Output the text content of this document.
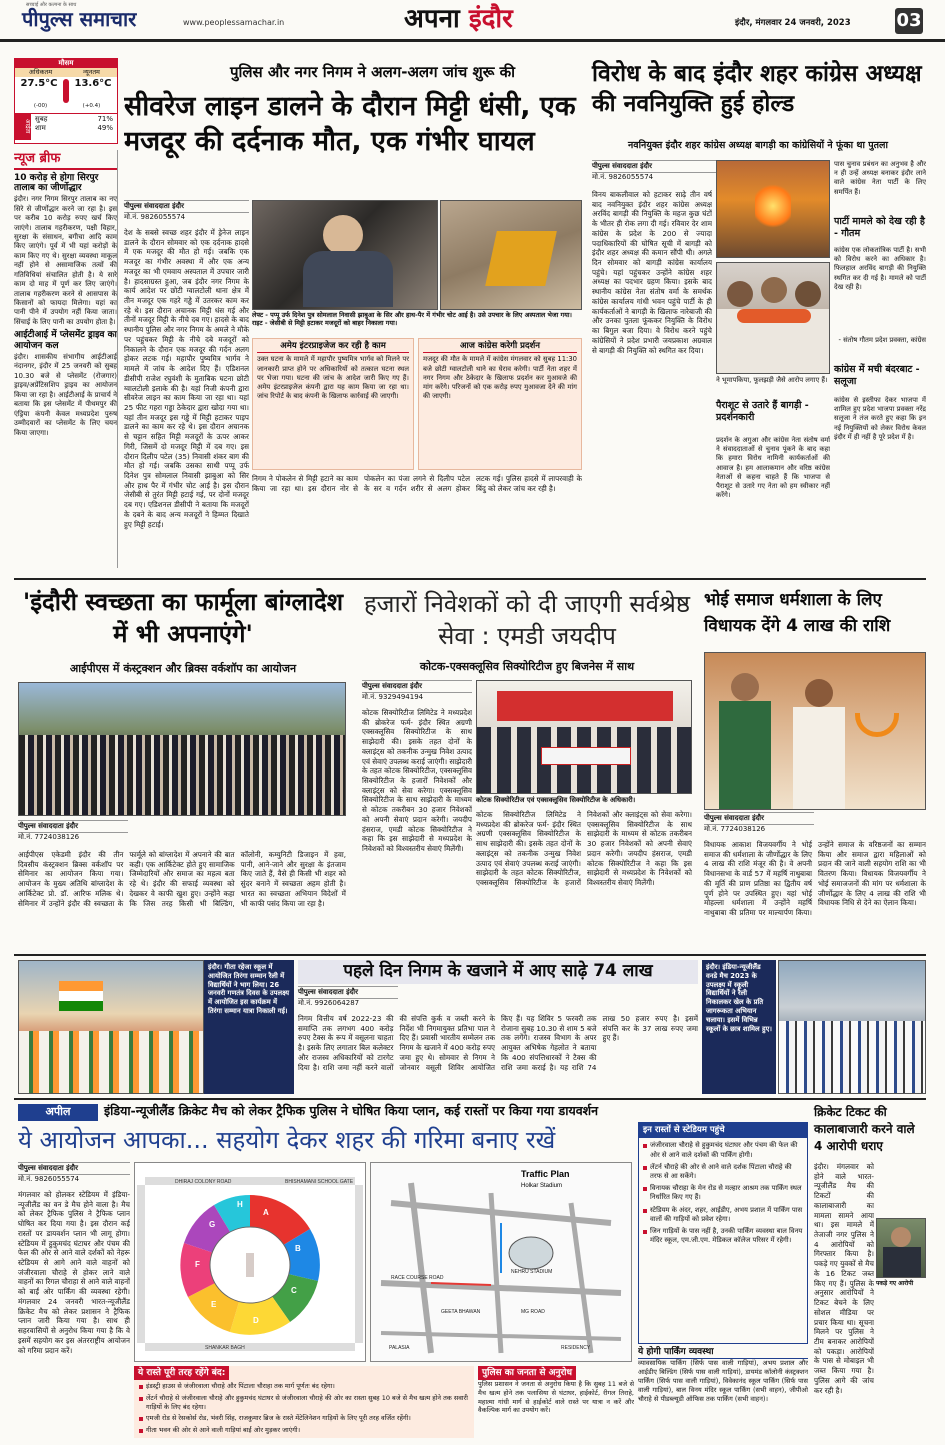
सच्चाई और कल्पना के साथ
पीपुल्स समाचार	www.peoplessamachar.in	अपना इंदौर	इंदौर, मंगलवार 24 जनवरी, 2023	03
मौसम
अधिकतम	न्यूनतम
27.5°C	13.6°C
(-00)	(+0.4)
आर्द्रता
सुबह	71%
शाम	49%
न्यूज ब्रीफ
10 करोड़ से होगा सिरपुर तालाब का जीर्णोद्धार
इंदौर। नगर निगम सिरपुर तालाब का नए सिरे से जीर्णोद्धार करने जा रहा है। इस पर करीब 10 करोड़ रुपए खर्च किए जाएंगे। तालाब गहरीकरण, पक्षी विहार, सुरक्षा के संसाधन, बगीचा आदि काम किए जाएंगे। पूर्व में भी यहां करोड़ों के काम किए गए थे। सुरक्षा व्यवस्था माकूल नहीं होने से असामाजिक तत्वों की गतिविधियां संचालित होती है। ये सारे काम दो माह में पूर्ण कर लिए जाएंगे। तालाब गहरीकरण करने से आसपास के किसानों को फायदा मिलेगा। यहां का पानी पीने में उपयोग नहीं किया जाता। सिंचाई के लिए पानी का उपयोग होता है।
आईटीआई में प्लेसमेंट ड्राइव का आयोजन कल
इंदौर। शासकीय संभागीय आईटीआई नंदानगर, इंदौर में 25 जनवरी को सुबह 10.30 बजे से प्लेसमेंट (रोजगार) ड्राइव/अप्रेंटिसशिप ड्राइव का आयोजन किया जा रहा है। आईटीआई के प्राचार्य ने बताया कि इस प्लेसमेंट में पीथमपुर की एंड्रिया कंपनी केवल मध्यप्रदेश पुरुष उम्मीदवारों का प्लेसमेंट के लिए चयन किया जाएगा।
पुलिस और नगर निगम ने अलग-अलग जांच शुरू की
सीवरेज लाइन डालने के दौरान मिट्टी धंसी, एक मजदूर की दर्दनाक मौत, एक गंभीर घायल
पीपुल्स संवाददाता इंदौर
मो.नं. 9826055574
देश के सबसे स्वच्छ शहर इंदौर में ड्रेनेज लाइन डालने के दौरान सोमवार को एक दर्दनाक हादसे में एक मजदूर की मौत हो गई। जबकि एक मजदूर का गंभीर अवस्था में और एक अन्य मजदूर का भी एमवाय अस्पताल में उपचार जारी है। हादसाग्रस्त हुआ, जब इंदौर नगर निगम के कार्य आदेश पर छोटी ग्वालटोली थाना क्षेत्र में तीन मजदूर एक गहरे गड्ढे में उतरकर काम कर रहे थे। इस दौरान अचानक मिट्टी धंस गई और तीनों मजदूर मिट्टी के नीचे दब गए। हादसे के बाद स्थानीय पुलिस और नगर निगम के अमले ने मौके पर पहुंचकर मिट्टी के नीचे दबे मजदूरों को निकालने के दौरान एक मजदूर की गर्दन अलग होकर लटक गई। महापौर पुष्यमित्र भार्गव ने मामले में जांच के आदेश दिए हैं। एडिशनल डीसीपी राजेश रघुवंशी के मुताबिक घटना छोटी ग्वालटोली इलाके की है। यहां निजी कंपनी द्वारा सीवरेज लाइन का काम किया जा रहा था। यहां 25 फीट गहरा गड्ढा ठेकेदार द्वारा खोदा गया था। यहां तीन मजदूर इस गड्ढे में मिट्टी हटाकर पाइप डालने का काम कर रहे थे। इस दौरान अचानक से चट्टान सहित मिट्टी मजदूरों के ऊपर आकर गिरी, जिसमें दो मजदूर मिट्टी में दब गए। इस दौरान दिलीप पटेल (35) निवासी शंकर बाग की मौत हो गई। जबकि उसका साथी पप्पू उर्फ दिनेश पुत्र सोमलाल निवासी झाबुआ को सिर और हाथ पैर में गंभीर चोट आई है। इस दौरान जेसीबी से तुरंत मिट्टी हटाई गई, पर दोनों मजदूर दब गए। एडिशनल डीसीपी ने बताया कि मजदूरों के दबने के बाद अन्य मजदूरों ने हिम्मत दिखाते हुए मिट्टी हटाई।
लेफ्ट - पप्पू उर्फ दिनेश पुत्र सोमलाल निवासी झाबुआ के सिर और हाथ-पैर में गंभीर चोट आई है। उसे उपचार के लिए अस्पताल भेजा गया। राइट - जेसीबी से मिट्टी हटाकर मजदूरों को बाहर निकाला गया।
अमेय इंटरप्राइजेज कर रही है काम
उक्त घटना के मामले में महापौर पुष्यमित्र भार्गव को मिलने पर जानकारी प्राप्त होने पर अधिकारियों को तत्काल घटना स्थल पर भेजा गया। घटना की जांच के आदेश जारी किए गए हैं। अमेय इंटरप्राइजेज कंपनी द्वारा यह काम किया जा रहा था। जांच रिपोर्ट के बाद कंपनी के खिलाफ कार्रवाई की जाएगी।
आज कांग्रेस करेगी प्रदर्शन
मजदूर की मौत के मामले में कांग्रेस मंगलवार को सुबह 11:30 बजे छोटी ग्वालटोली थाने का घेराव करेगी। पार्टी नेता शहर में नगर निगम और ठेकेदार के खिलाफ प्रदर्शन कर मुआवजे की मांग करेंगे। परिजनों को एक करोड़ रुपए मुआवजा देने की मांग की जाएगी।
निगम ने पोकलेन से मिट्टी हटाने का काम किया जा रहा था। इस दौरान नोर से पोकलेन का पंजा लगने से दिलीप पटेल के सर व गर्दन शरीर से अलग होकर लटक गई। पुलिस हादसे में लापरवाही के बिंदु को लेकर जांच कर रही है।
विरोध के बाद इंदौर शहर कांग्रेस अध्यक्ष की नवनियुक्ति हुई होल्ड
नवनियुक्त इंदौर शहर कांग्रेस अध्यक्ष बागड़ी का कांग्रेसियों ने फूंका था पुतला
पीपुल्स संवाददाता इंदौर
मो.नं. 9826055574
विनय बाकलीवाल को हटाकर साढ़े तीन वर्ष बाद नवनियुक्त इंदौर शहर कांग्रेस अध्यक्ष अरविंद बागड़ी की नियुक्ति के महज कुछ घंटों के भीतर ही रोक लगा दी गई। रविवार देर शाम कांग्रेस के प्रदेश के 200 से ज्यादा पदाधिकारियों की घोषित सूची में बागड़ी को इंदौर शहर अध्यक्ष की कमान सौंपी थी। अगले दिन सोमवार को बागड़ी कांग्रेस कार्यालय पहुंचे। यहां पहुंचकर उन्होंने कांग्रेस शहर अध्यक्ष का पदभार ग्रहण किया। इसके बाद स्थानीय कांग्रेस नेता संतोष वर्मा के समर्थक कांग्रेस कार्यालय गांधी भवन पहुंचे पार्टी के ही कार्यकर्ताओं ने बागड़ी के खिलाफ नारेबाजी की और उनका पुतला फूंककर नियुक्ति के विरोध का बिगुल बजा दिया। वे विरोध करने पहुंचे कांग्रेसियों ने प्रदेश प्रभारी जयप्रकाश अग्रवाल से बागड़ी की नियुक्ति को स्थगित कर दिया।
पास चुनाव प्रबंधन का अनुभव है और न ही उन्हें अध्यक्ष बनाकर इंदौर लाने वाले कांग्रेस नेता पार्टी के लिए समर्पित हैं।
ने भूमापकिया, फूलझड़ी जैसे आरोप लगाए हैं।
पैराशूट से उतारे हैं बागड़ी - प्रदर्शनकारी
प्रदर्शन के अगुआ और कांग्रेस नेता संतोष वर्मा ने संवाददाताओं से चुनाव पूंकने के बाद कहा कि हमारा विरोध नामिनी कार्यकर्ताओं की आवाज है। हम आलाकमान और वरिष्ठ कांग्रेस नेताओं से कहना चाहते हैं कि भाजपा से पैराशूट से उतारे गए नेता को हम स्वीकार नहीं करेंगे।
पार्टी मामले को देख रही है - गौतम
कांग्रेस एक लोकतांत्रिक पार्टी है। सभी को विरोध करने का अधिकार है। फिलहाल अरविंद बागड़ी की नियुक्ति स्थगित कर दी गई है। मामले को पार्टी देख रही है।
- संतोष गौतम प्रदेश प्रवक्ता, कांग्रेस
कांग्रेस में मची बंदरबाट - सलूजा
कांग्रेस से इस्तीफा देकर भाजपा में शामिल हुए प्रदेश भाजपा प्रवक्ता नरेंद्र सलूजा ने तंज करते हुए कहा कि इन नई नियुक्तियों को लेकर विरोध केवल इंदौर में ही नहीं है पूरे प्रदेश में है।
'इंदौरी स्वच्छता का फार्मूला बांग्लादेश में भी अपनाएंगे'
आईपीएस में कंस्ट्रक्शन और ब्रिक्स वर्कशॉप का आयोजन
पीपुल्स संवाददाता इंदौर
मो.नं. 7724038126
आईपीएस एकेडमी इंदौर की तीन दिवसीय कंस्ट्रक्शन ब्रिक्स वर्कशॉप पर सेमिनार का आयोजन किया गया। आयोजन के मुख्य अतिथि बांग्लादेश के आर्किटेक्ट प्रो. डॉ. आरिफ मलिक थे। सेमिनार में उन्होंने इंदौर की स्वच्छता के फार्मूले को बांग्लादेश में अपनाने की बात कही। एक आर्किटेक्ट होते हुए सामाजिक जिम्मेदारियों और समाज का महत्व बता रहे थे। इंदौर की सफाई व्यवस्था को देखकर वे काफी खुश हुए। उन्होंने कहा कि जिस तरह किसी भी बिल्डिंग, कॉलोनी, कम्युनिटी डिजाइन में हवा, पानी, आने-जाने और सुरक्षा के इंतजाम किए जाते हैं, वैसे ही किसी भी शहर को सुंदर बनाने में स्वच्छता अहम होती है। भारत का स्वच्छता अभियान विदेशों में भी काफी पसंद किया जा रहा है।
हजारों निवेशकों को दी जाएगी सर्वश्रेष्ठ सेवा : एमडी जयदीप
कोटक-एक्सक्लूसिव सिक्योरिटीज हुए बिजनेस में साथ
पीपुल्स संवाददाता इंदौर
मो.नं. 9329494194
कोटक सिक्योरिटीज लिमिटेड ने मध्यप्रदेश की ब्रोकरेज फर्म- इंदौर स्थित अग्रणी एक्सक्लूसिव सिक्योरिटीज के साथ साझेदारी की। इसके तहत दोनों के क्लाइंट्स को तकनीक उन्मुख निवेश उत्पाद एवं सेवाएं उपलब्ध कराई जाएंगी। साझेदारी के तहत कोटक सिक्योरिटीज, एक्सक्लूसिव सिक्योरिटीज के हजारों निवेशकों और क्लाइंट्स को सेवा करेगा। एक्सक्लूसिव सिक्योरिटीज के साथ साझेदारी के माध्यम से कोटक तकरीबन 30 हजार निवेशकों को अपनी सेवाएं प्रदान करेगी। जयदीप हंसराज, एमडी कोटक सिक्योरिटीज ने कहा कि इस साझेदारी से मध्यप्रदेश के निवेशकों को विश्वस्तरीय सेवाएं मिलेंगी।
कोटक सिक्योरिटीज एवं एक्सक्लूसिव सिक्योरिटीज के अधिकारी।
कोटक सिक्योरिटीज लिमिटेड ने मध्यप्रदेश की ब्रोकरेज फर्म- इंदौर स्थित अग्रणी एक्सक्लूसिव सिक्योरिटीज के साथ साझेदारी की। इसके तहत दोनों के क्लाइंट्स को तकनीक उन्मुख निवेश उत्पाद एवं सेवाएं उपलब्ध कराई जाएंगी। साझेदारी के तहत कोटक सिक्योरिटीज, एक्सक्लूसिव सिक्योरिटीज के हजारों निवेशकों और क्लाइंट्स को सेवा करेगा। एक्सक्लूसिव सिक्योरिटीज के साथ साझेदारी के माध्यम से कोटक तकरीबन 30 हजार निवेशकों को अपनी सेवाएं प्रदान करेगी। जयदीप हंसराज, एमडी कोटक सिक्योरिटीज ने कहा कि इस साझेदारी से मध्यप्रदेश के निवेशकों को विश्वस्तरीय सेवाएं मिलेंगी।
भोई समाज धर्मशाला के लिए विधायक देंगे 4 लाख की राशि
पीपुल्स संवाददाता इंदौर
मो.नं. 7724038126
विधायक आकाश विजयवर्गीय ने भोई समाज की धर्मशाला के जीर्णोद्धार के लिए 4 लाख की राशि मंजूर की है। वे अपनी विधानसभा के वार्ड 57 में महर्षि नाथुबाबा की मूर्ति की प्राण प्रतिष्ठा का द्वितीय वर्ष पूर्ण होने पर उपस्थित हुए। यहां भोई मोहल्ला धर्मशाला में उन्होंने महर्षि नाथुबाबा की प्रतिमा पर माल्यार्पण किया। उन्होंने समाज के वरिष्ठजनों का सम्मान किया और समाज द्वारा महिलाओं को प्रदान की जाने वाली सहयोग राशि का भी वितरण किया। विधायक विजयवर्गीय ने भोई समाजजनों की मांग पर धर्मशाला के जीर्णोद्धार के लिए 4 लाख की राशि भी विधायक निधि से देने का ऐलान किया।
इंदौर। गीता रहेजा स्कूल में आयोजित तिरंगा सम्मान रैली में विद्यार्थियों ने भाग लिया। 26 जनवरी गणतंत्र दिवस के उपलक्ष्य में आयोजित इस कार्यक्रम में तिरंगा सम्मान यात्रा निकाली गई।
पहले दिन निगम के खजाने में आए साढ़े 74 लाख
पीपुल्स संवाददाता इंदौर
मो.नं. 9926064287
निगम वित्तीय वर्ष 2022-23 की समाप्ति तक लगभग 400 करोड़ रुपए टैक्स के रूप में वसूलना चाहता है। इसके लिए लगातार बिल कलेक्टर और राजस्व अधिकारियों को टारगेट दिया है। राशि जमा नहीं करने वालों की संपत्ति कुर्क व जब्ती करने के निर्देश भी निगमायुक्त प्रतिभा पाल ने दिए हैं। प्रवासी भारतीय सम्मेलन तक निगम के खजाने में 400 करोड़ रुपए जमा हुए थे। सोमवार से निगम ने जोनवार वसूली शिविर आयोजित किए हैं। यह शिविर 5 फरवरी तक रोजाना सुबह 10.30 से शाम 5 बजे तक लगेंगे। राजस्व विभाग के अपर आयुक्त अभिषेक गेहलोत ने बताया कि 400 संपत्तिधारकों ने टैक्स की राशि जमा कराई है। यह राशि 74 लाख 50 हजार रुपए है। इसमें संपत्ति कर के 37 लाख रुपए जमा हुए हैं।
इंदौर। इंडिया-न्यूजीलैंड वनडे मैच 2023 के उपलक्ष्य में स्कूली विद्यार्थियों ने रैली निकालकर खेल के प्रति जागरूकता अभियान चलाया। इसमें विभिन्न स्कूलों के छात्र शामिल हुए।
अपील	इंडिया-न्यूजीलैंड क्रिकेट मैच को लेकर ट्रैफिक पुलिस ने घोषित किया प्लान, कई रास्तों पर किया गया डायवर्शन
ये आयोजन आपका... सहयोग देकर शहर की गरिमा बनाए रखें
पीपुल्स संवाददाता इंदौर
मो.नं. 9826055574
मंगलवार को होलकर स्टेडियम में इंडिया-न्यूजीलैंड का वन डे मैच होने वाला है। मैच को लेकर ट्रैफिक पुलिस ने ट्रैफिक प्लान घोषित कर दिया गया है। इस दौरान कई रास्तों पर डायवर्शन प्लान भी लागू होगा। स्टेडियम में हुकुमचंद घंटाघर और पंचम की फेल की ओर से आने वाले दर्शकों को नेहरू स्टेडियम से आगे आने वाले वाहनों को जंजीरवाला चौराहे से होकर लाने वाले वाहनों का रिगल चौराहा से आने वाले वाहनों को बाईं ओर पार्किंग की व्यवस्था रहेगी। मंगलवार 24 जनवरी भारत-न्यूजीलैंड क्रिकेट मैच को लेकर प्रशासन ने ट्रैफिक प्लान जारी किया गया है। साथ ही सहरवासियों से अनुरोध किया गया है कि वे इसमें सहयोग कर इस अंतरराष्ट्रीय आयोजन को गरिमा प्रदान करें।
A
B
C
D
E
F
G
H
DHIRAJ COLONY ROAD	BHISHAMANI SCHOOL GATE
SHANKAR BAGH
Traffic Plan
Holkar Stadium
NEHRU STADIUM
RACE COURSE ROAD
GEETA BHAWAN	MG ROAD
PALASIA	RESIDENCY
इन रास्तों से स्टेडियम पहुंचे
जंजीरवाला चौराहे से हुकुमचंद घंटाघर और पंचम की फेल की ओर से आने वाले दर्शकों की पार्किंग होगी।
लेंटर्न चौराहे की ओर से आने वाले दर्शक पिंटाला चौराहे की तरफ से आ सकेंगे।
विनायक चौराहा के मेन रोड से मल्हार आश्रम तक पार्किंग स्थल निर्धारित किए गए हैं।
स्टेडियम के अंदर, शहर, आईडीए, अभय प्रशाल में पार्किंग पास वालों की गाड़ियों को प्रवेश रहेगा।
जिन गाड़ियों के पास नहीं है, उनकी पार्किंग व्यवस्था बाल विनय मंदिर स्कूल, एम.जी.एम. मेडिकल कॉलेज परिसर में रहेगी।
ये होगी पार्किंग व्यवस्था
व्यावसायिक पार्किंग (सिर्फ पास वाली गाड़ियां), अभय प्रशाल और आईडीए बिल्डिंग (सिर्फ पास वाली गाड़ियां), डायमंड कॉलोनी कंस्ट्रक्शन पार्किंग (सिर्फ पास वाली गाड़ियां), विवेकानंद स्कूल पार्किंग (सिर्फ पास वाली गाड़ियां), बाल विनय मंदिर स्कूल पार्किंग (सभी वाहन), जीपीओ चौराहे से पीडब्ल्यूडी ऑफिस तक पार्किंग (सभी वाहन)।
ये रास्ते पूरी तरह रहेंगे बंद:
इंडस्ट्री हाउस से जंजीरवाला चौराहे और पिंटाला चौराहा तक मार्ग पूर्णतः बंद रहेगा।
लेंटर्न चौराहे से जंजीरवाला चौराहे और हुकुमचंद घंटाघर से जंजीरवाला चौराहे की ओर का रास्ता सुबह 10 बजे से मैच खत्म होने तक सवारी गाड़ियों के लिए बंद रहेगा।
एमजी रोड से रेसकोर्स रोड, भंवरी सिंह, राजकुमार ब्रिज के रास्ते मेंटेलिनेशन गाड़ियों के लिए पूरी तरह वर्जित रहेंगी।
गीता भवन की ओर से आने वाली गाड़ियां बाईं ओर मुड़कर जाएंगी।
पुलिस का जनता से अनुरोध
पुलिस प्रशासन ने जनता से अनुरोध किया है कि सुबह 11 बजे से मैच खत्म होने तक पलासिया से घंटाघर, हाईकोर्ट, रीगल तिराहे, महात्मा गांधी मार्ग से हाईकोर्ट वाले रास्ते पर यात्रा न करें और वैकल्पिक मार्ग का उपयोग करें।
क्रिकेट टिकट की कालाबाजारी करने वाले 4 आरोपी धराए
इंदौर। मंगलवार को होने वाले भारत-न्यूजीलैंड मैच की टिकटों की कालाबाजारी का मामला सामने आया था। इस मामले में तेजाजी नगर पुलिस ने 4 आरोपियों को गिरफ्तार किया है। पकड़े गए युवकों से मैच के 16 टिकट जब्त किए गए हैं। पुलिस के अनुसार आरोपियों ने टिकट बेचने के लिए सोशल मीडिया पर प्रचार किया था। सूचना मिलने पर पुलिस ने टीम बनाकर आरोपियों को पकड़ा। आरोपियों के पास से मोबाइल भी जब्त किया गया है। पुलिस आगे की जांच कर रही है।
पकड़े गए आरोपी
